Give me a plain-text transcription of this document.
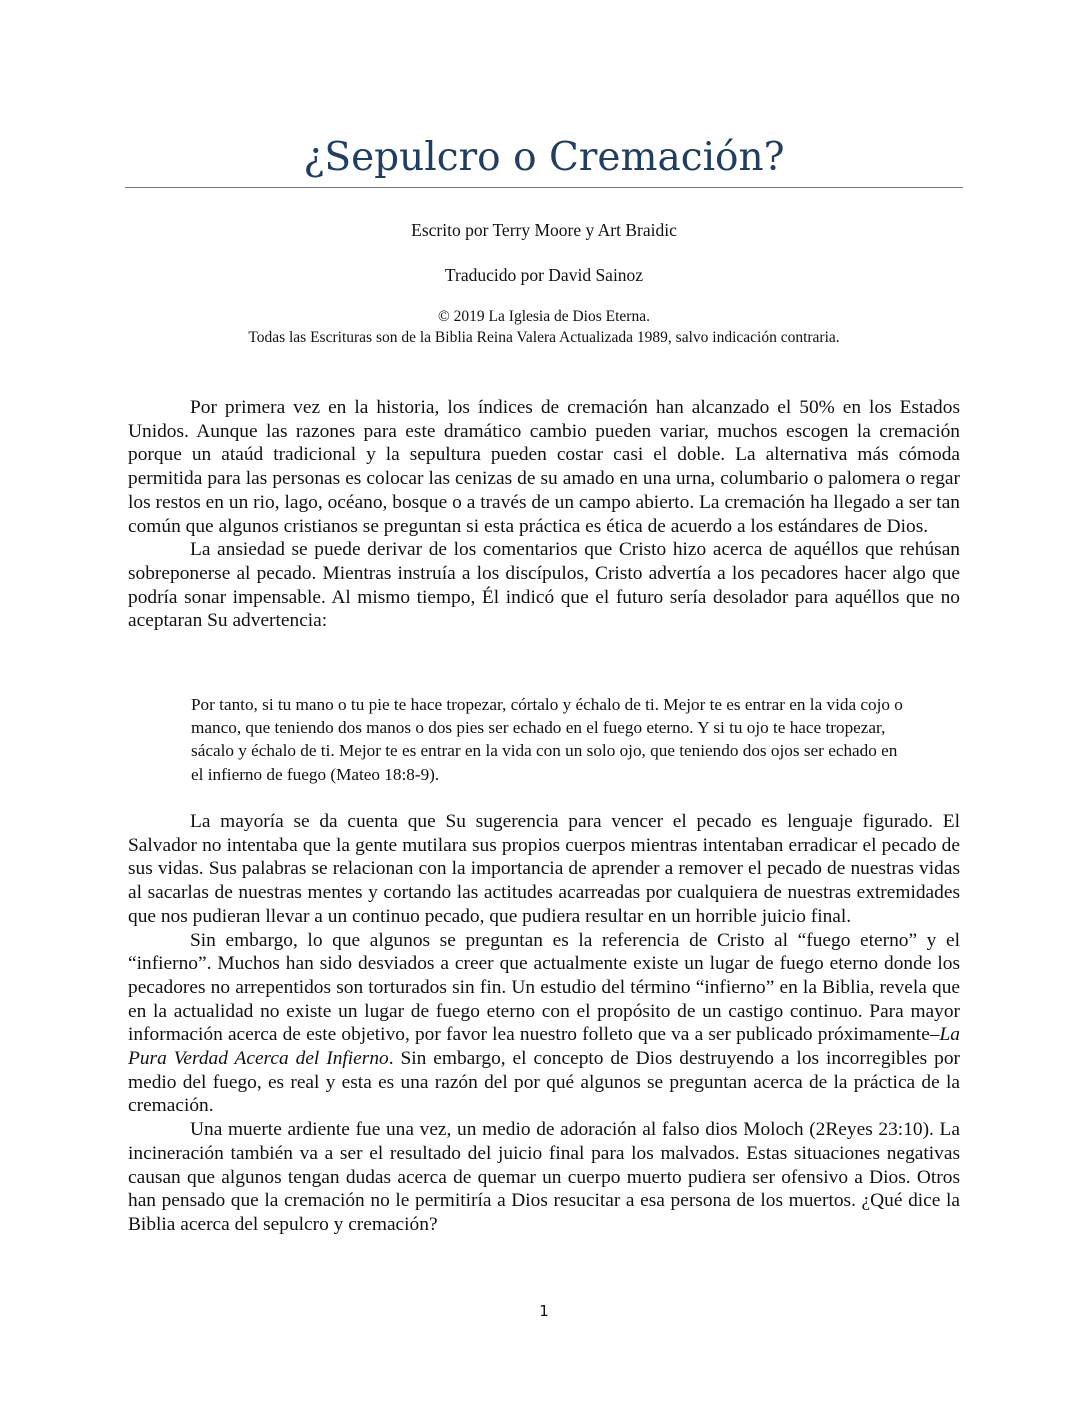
¿Sepulcro o Cremación?

Escrito por Terry Moore y Art Braidic

Traducido por David Sainoz

© 2019 La Iglesia de Dios Eterna.

Todas las Escrituras son de la Biblia Reina Valera Actualizada 1989, salvo indicación contraria.

Por primera vez en la historia, los índices de cremación han alcanzado el 50% en los Estados Unidos. Aunque las razones para este dramático cambio pueden variar, muchos escogen la cremación porque un ataúd tradicional y la sepultura pueden costar casi el doble. La alternativa más cómoda permitida para las personas es colocar las cenizas de su amado en una urna, columbario o palomera o regar los restos en un rio, lago, océano, bosque o a través de un campo abierto. La cremación ha llegado a ser tan común que algunos cristianos se preguntan si esta práctica es ética de acuerdo a los estándares de Dios.

La ansiedad se puede derivar de los comentarios que Cristo hizo acerca de aquéllos que rehúsan sobreponerse al pecado. Mientras instruía a los discípulos, Cristo advertía a los pecadores hacer algo que podría sonar impensable. Al mismo tiempo, Él indicó que el futuro sería desolador para aquéllos que no aceptaran Su advertencia:

Por tanto, si tu mano o tu pie te hace tropezar, córtalo y échalo de ti. Mejor te es entrar en la vida cojo o manco, que teniendo dos manos o dos pies ser echado en el fuego eterno. Y si tu ojo te hace tropezar, sácalo y échalo de ti. Mejor te es entrar en la vida con un solo ojo, que teniendo dos ojos ser echado en el infierno de fuego (Mateo 18:8-9).

La mayoría se da cuenta que Su sugerencia para vencer el pecado es lenguaje figurado. El Salvador no intentaba que la gente mutilara sus propios cuerpos mientras intentaban erradicar el pecado de sus vidas. Sus palabras se relacionan con la importancia de aprender a remover el pecado de nuestras vidas al sacarlas de nuestras mentes y cortando las actitudes acarreadas por cualquiera de nuestras extremidades que nos pudieran llevar a un continuo pecado, que pudiera resultar en un horrible juicio final.

Sin embargo, lo que algunos se preguntan es la referencia de Cristo al “fuego eterno” y el “infierno”. Muchos han sido desviados a creer que actualmente existe un lugar de fuego eterno donde los pecadores no arrepentidos son torturados sin fin. Un estudio del término “infierno” en la Biblia, revela que en la actualidad no existe un lugar de fuego eterno con el propósito de un castigo continuo. Para mayor información acerca de este objetivo, por favor lea nuestro folleto que va a ser publicado próximamente–La Pura Verdad Acerca del Infierno. Sin embargo, el concepto de Dios destruyendo a los incorregibles por medio del fuego, es real y esta es una razón del por qué algunos se preguntan acerca de la práctica de la cremación.

Una muerte ardiente fue una vez, un medio de adoración al falso dios Moloch (2Reyes 23:10). La incineración también va a ser el resultado del juicio final para los malvados. Estas situaciones negativas causan que algunos tengan dudas acerca de quemar un cuerpo muerto pudiera ser ofensivo a Dios. Otros han pensado que la cremación no le permitiría a Dios resucitar a esa persona de los muertos. ¿Qué dice la Biblia acerca del sepulcro y cremación?

1
